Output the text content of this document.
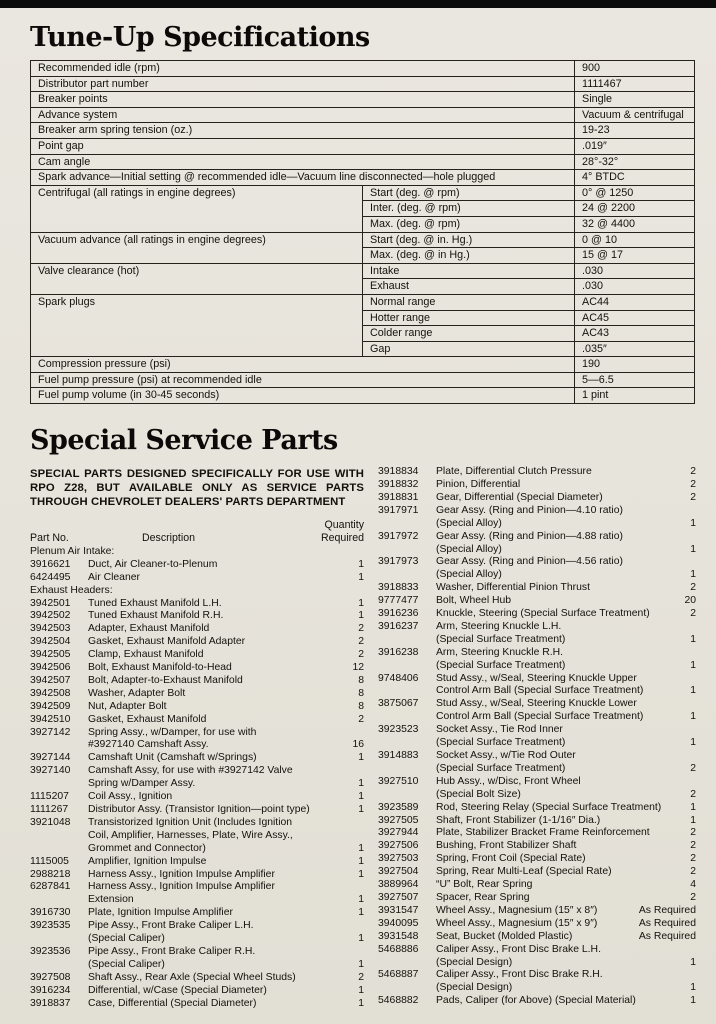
Tune-Up Specifications
Recommended idle (rpm)		900
Distributor part number		1111467
Breaker points		Single
Advance system		Vacuum & centrifugal
Breaker arm spring tension (oz.)		19-23
Point gap		.019″
Cam angle		28°-32°
Spark advance—Initial setting @ recommended idle—Vacuum line disconnected—hole plugged		4° BTDC
Centrifugal (all ratings in engine degrees)	Start (deg. @ rpm)	0° @ 1250
	Inter. (deg. @ rpm)	24 @ 2200
	Max. (deg. @ rpm)	32 @ 4400
Vacuum advance (all ratings in engine degrees)	Start (deg. @ in. Hg.)	0 @ 10
	Max. (deg. @ in Hg.)	15 @ 17
Valve clearance (hot)	Intake	.030
	Exhaust	.030
Spark plugs	Normal range	AC44
	Hotter range	AC45
	Colder range	AC43
	Gap	.035″
Compression pressure (psi)		190
Fuel pump pressure (psi) at recommended idle		5—6.5
Fuel pump volume (in 30-45 seconds)		1 pint
Special Service Parts

SPECIAL PARTS DESIGNED SPECIFICALLY FOR USE WITH RPO Z28, BUT AVAILABLE ONLY AS SERVICE PARTS THROUGH CHEVROLET DEALERS' PARTS DEPARTMENT

Quantity
Part No.	Description	Required
Plenum Air Intake:
3916621	Duct, Air Cleaner-to-Plenum	1
6424495	Air Cleaner	1
Exhaust Headers:
3942501	Tuned Exhaust Manifold L.H.	1
3942502	Tuned Exhaust Manifold R.H.	1
3942503	Adapter, Exhaust Manifold	2
3942504	Gasket, Exhaust Manifold Adapter	2
3942505	Clamp, Exhaust Manifold	2
3942506	Bolt, Exhaust Manifold-to-Head	12
3942507	Bolt, Adapter-to-Exhaust Manifold	8
3942508	Washer, Adapter Bolt	8
3942509	Nut, Adapter Bolt	8
3942510	Gasket, Exhaust Manifold	2
3927142	Spring Assy., w/Damper, for use with
#3927140 Camshaft Assy.	16
3927144	Camshaft Unit (Camshaft w/Springs)	1
3927140	Camshaft Assy, for use with #3927142 Valve
Spring w/Damper Assy.	1
1115207	Coil Assy., Ignition	1
1111267	Distributor Assy. (Transistor Ignition—point type)	1
3921048	Transistorized Ignition Unit (Includes Ignition
Coil, Amplifier, Harnesses, Plate, Wire Assy.,
Grommet and Connector)	1
1115005	Amplifier, Ignition Impulse	1
2988218	Harness Assy., Ignition Impulse Amplifier	1
6287841	Harness Assy., Ignition Impulse Amplifier
Extension	1
3916730	Plate, Ignition Impulse Amplifier	1
3923535	Pipe Assy., Front Brake Caliper L.H.
(Special Caliper)	1
3923536	Pipe Assy., Front Brake Caliper R.H.
(Special Caliper)	1
3927508	Shaft Assy., Rear Axle (Special Wheel Studs)	2
3916234	Differential, w/Case (Special Diameter)	1
3918837	Case, Differential (Special Diameter)	1
3918834	Plate, Differential Clutch Pressure	2
3918832	Pinion, Differential	2
3918831	Gear, Differential (Special Diameter)	2
3917971	Gear Assy. (Ring and Pinion—4.10 ratio)
(Special Alloy)	1
3917972	Gear Assy. (Ring and Pinion—4.88 ratio)
(Special Alloy)	1
3917973	Gear Assy. (Ring and Pinion—4.56 ratio)
(Special Alloy)	1
3918833	Washer, Differential Pinion Thrust	2
9777477	Bolt, Wheel Hub	20
3916236	Knuckle, Steering (Special Surface Treatment)	2
3916237	Arm, Steering Knuckle L.H.
(Special Surface Treatment)	1
3916238	Arm, Steering Knuckle R.H.
(Special Surface Treatment)	1
9748406	Stud Assy., w/Seal, Steering Knuckle Upper
Control Arm Ball (Special Surface Treatment)	1
3875067	Stud Assy., w/Seal, Steering Knuckle Lower
Control Arm Ball (Special Surface Treatment)	1
3923523	Socket Assy., Tie Rod Inner
(Special Surface Treatment)	1
3914883	Socket Assy., w/Tie Rod Outer
(Special Surface Treatment)	2
3927510	Hub Assy., w/Disc, Front Wheel
(Special Bolt Size)	2
3923589	Rod, Steering Relay (Special Surface Treatment)	1
3927505	Shaft, Front Stabilizer (1-1/16″ Dia.)	1
3927944	Plate, Stabilizer Bracket Frame Reinforcement	2
3927506	Bushing, Front Stabilizer Shaft	2
3927503	Spring, Front Coil (Special Rate)	2
3927504	Spring, Rear Multi-Leaf (Special Rate)	2
3889964	“U” Bolt, Rear Spring	4
3927507	Spacer, Rear Spring	2
3931547	Wheel Assy., Magnesium (15″ x 8″)	As Required
3940095	Wheel Assy., Magnesium (15″ x 9″)	As Required
3931548	Seat, Bucket (Molded Plastic)	As Required
5468886	Caliper Assy., Front Disc Brake L.H.
(Special Design)	1
5468887	Caliper Assy., Front Disc Brake R.H.
(Special Design)	1
5468882	Pads, Caliper (for Above) (Special Material)	1
